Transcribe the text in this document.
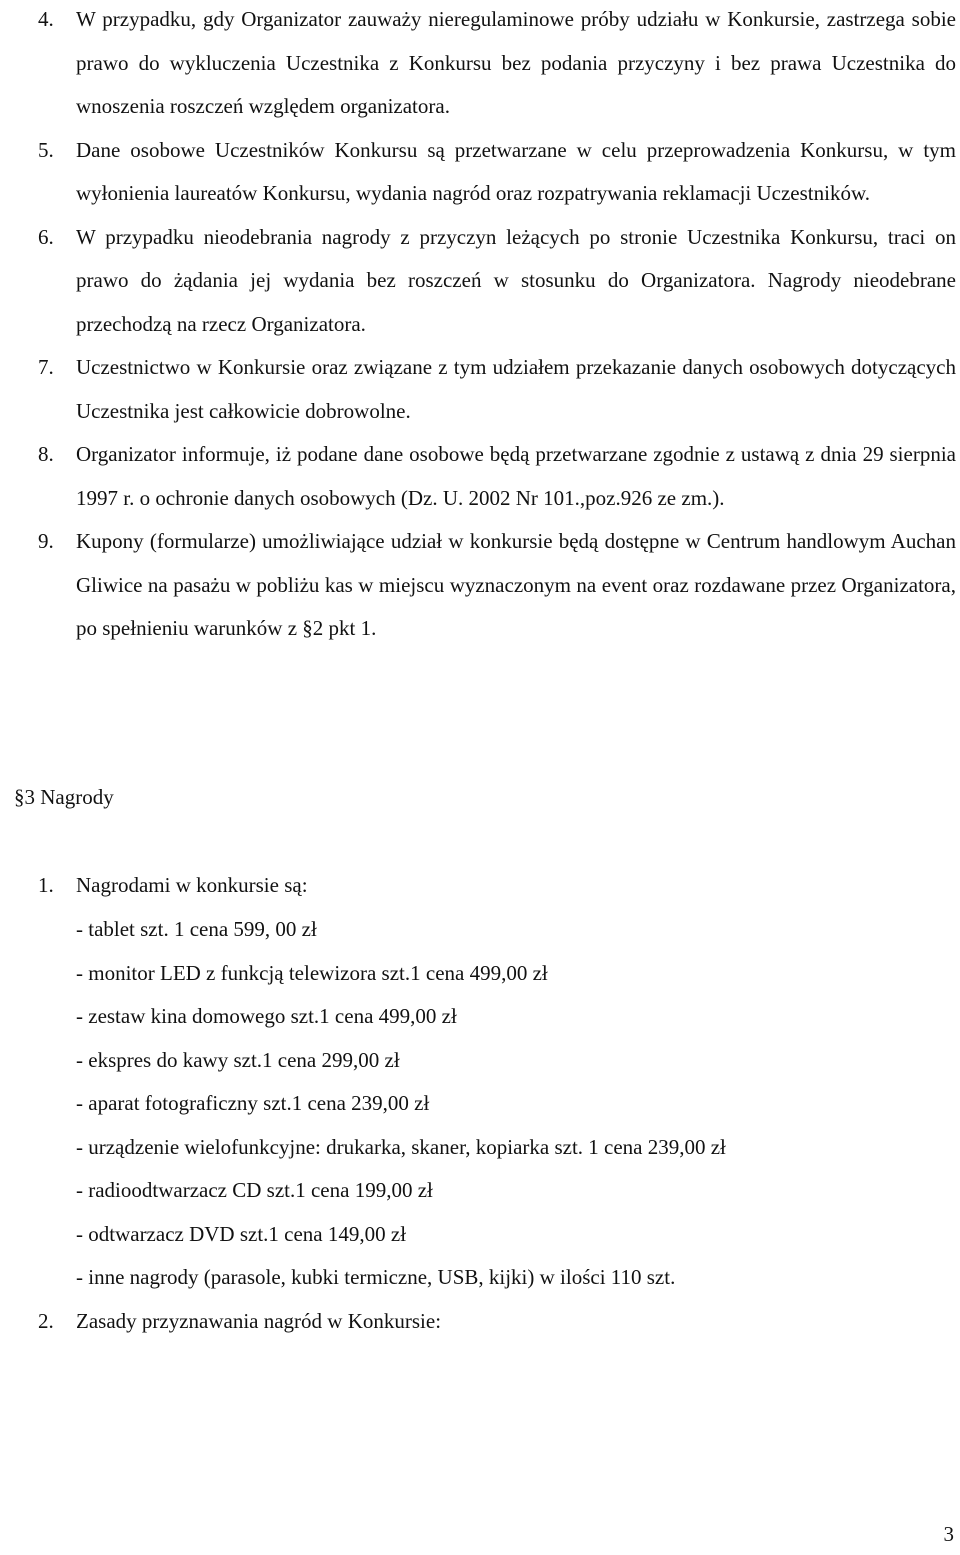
4. W przypadku, gdy Organizator zauważy nieregulaminowe próby udziału w Konkursie, zastrzega sobie prawo do wykluczenia Uczestnika z Konkursu bez podania przyczyny i bez prawa Uczestnika do wnoszenia roszczeń względem organizatora.
5. Dane osobowe Uczestników Konkursu są przetwarzane w celu przeprowadzenia Konkursu, w tym wyłonienia laureatów Konkursu, wydania nagród oraz rozpatrywania reklamacji Uczestników.
6. W przypadku nieodebrania nagrody z przyczyn leżących po stronie Uczestnika Konkursu, traci on prawo do żądania jej wydania bez roszczeń w stosunku do Organizatora. Nagrody nieodebrane przechodzą na rzecz Organizatora.
7. Uczestnictwo w Konkursie oraz związane z tym udziałem przekazanie danych osobowych dotyczących Uczestnika jest całkowicie dobrowolne.
8. Organizator informuje, iż podane dane osobowe będą przetwarzane zgodnie z ustawą z dnia 29 sierpnia 1997 r. o ochronie danych osobowych (Dz. U. 2002 Nr 101.,poz.926 ze zm.).
9. Kupony (formularze) umożliwiające udział w konkursie będą dostępne w Centrum handlowym Auchan Gliwice na pasażu w pobliżu kas w miejscu wyznaczonym na event oraz rozdawane przez Organizatora, po spełnieniu warunków z §2 pkt 1.
§3 Nagrody
1. Nagrodami w konkursie są:
- tablet szt. 1 cena 599, 00 zł
- monitor LED z funkcją telewizora szt.1 cena 499,00 zł
- zestaw kina domowego szt.1 cena 499,00 zł
- ekspres do kawy szt.1 cena 299,00 zł
- aparat fotograficzny szt.1 cena 239,00 zł
- urządzenie wielofunkcyjne: drukarka, skaner, kopiarka szt. 1 cena 239,00 zł
- radioodtwarzacz CD szt.1 cena 199,00 zł
- odtwarzacz DVD szt.1 cena 149,00 zł
- inne nagrody (parasole, kubki termiczne, USB, kijki) w ilości 110 szt.
2. Zasady przyznawania nagród w Konkursie:
3
